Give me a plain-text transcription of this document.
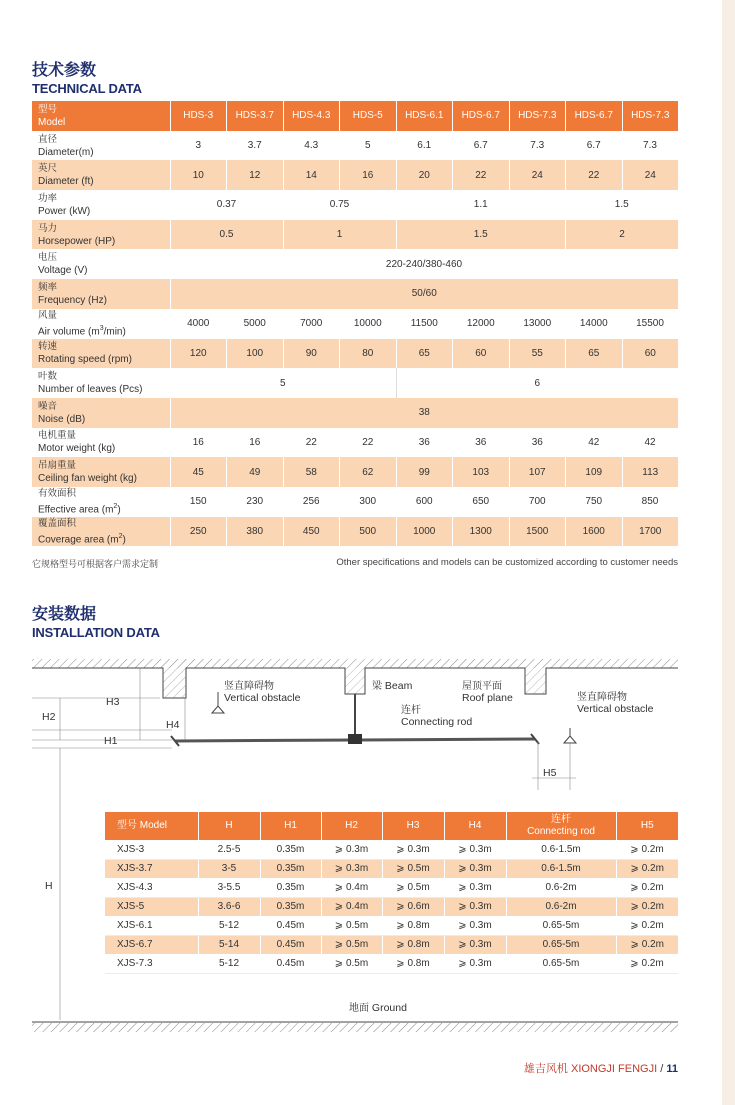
技术参数
TECHNICAL DATA
型号
Model	HDS-3	HDS-3.7	HDS-4.3	HDS-5	HDS-6.1	HDS-6.7	HDS-7.3	HDS-6.7	HDS-7.3

直径
Diameter(m)	3	3.7	4.3	5	6.1	6.7	7.3	6.7	7.3

英尺
Diameter (ft)	10	12	14	16	20	22	24	22	24

功率
Power (kW)	0.37		0.75		1.1			1.5	

马力
Horsepower (HP)	0.5		1		1.5			2	

电压
Voltage (V)	220-240/380-460								

频率
Frequency (Hz)	50/60								

风量
Air volume $(m^3/\min)$	4000	5000	7000	10000	11500	12000	13000	14000	15500

转速
Rotating speed (rpm)	120	100	90	80	65	60	55	65	60

叶数
Number of leaves (Pcs)	5				6				

噪音
Noise (dB)	38								

电机重量
Motor weight (kg)	16	16	22	22	36	36	36	42	42

吊扇重量
Ceiling fan weight (kg)	45	49	58	62	99	103	107	109	113

有效面积
Effective area $(m^2)$	150	230	256	300	600	650	700	750	850

覆盖面积
Coverage area $(m^2)$	250	380	450	500	1000	1300	1500	1600	1700
它规格型号可根据客户需求定制	Other specifications and models can be customized according to customer needs
安装数据
INSTALLATION DATA
竖直障碍物
Vertical obstacle
梁 Beam	屋顶平面
Roof plane
连杆
Connecting rod
竖直障碍物
Vertical obstacle
H3
H2
H4
H1
H5
H
地面 Ground
型号 Model	H	H1	H2	H3	H4	连杆
Connecting rod	H5
XJS-3	2.5-5	0.35m	⩾ 0.3m	⩾ 0.3m	⩾ 0.3m	0.6-1.5m	⩾ 0.2m
XJS-3.7	3-5	0.35m	⩾ 0.3m	⩾ 0.5m	⩾ 0.3m	0.6-1.5m	⩾ 0.2m
XJS-4.3	3-5.5	0.35m	⩾ 0.4m	⩾ 0.5m	⩾ 0.3m	0.6-2m	⩾ 0.2m
XJS-5	3.6-6	0.35m	⩾ 0.4m	⩾ 0.6m	⩾ 0.3m	0.6-2m	⩾ 0.2m
XJS-6.1	5-12	0.45m	⩾ 0.5m	⩾ 0.8m	⩾ 0.3m	0.65-5m	⩾ 0.2m
XJS-6.7	5-14	0.45m	⩾ 0.5m	⩾ 0.8m	⩾ 0.3m	0.65-5m	⩾ 0.2m
XJS-7.3	5-12	0.45m	⩾ 0.5m	⩾ 0.8m	⩾ 0.3m	0.65-5m	⩾ 0.2m
雄吉风机 XIONGJI FENGJI / 11
